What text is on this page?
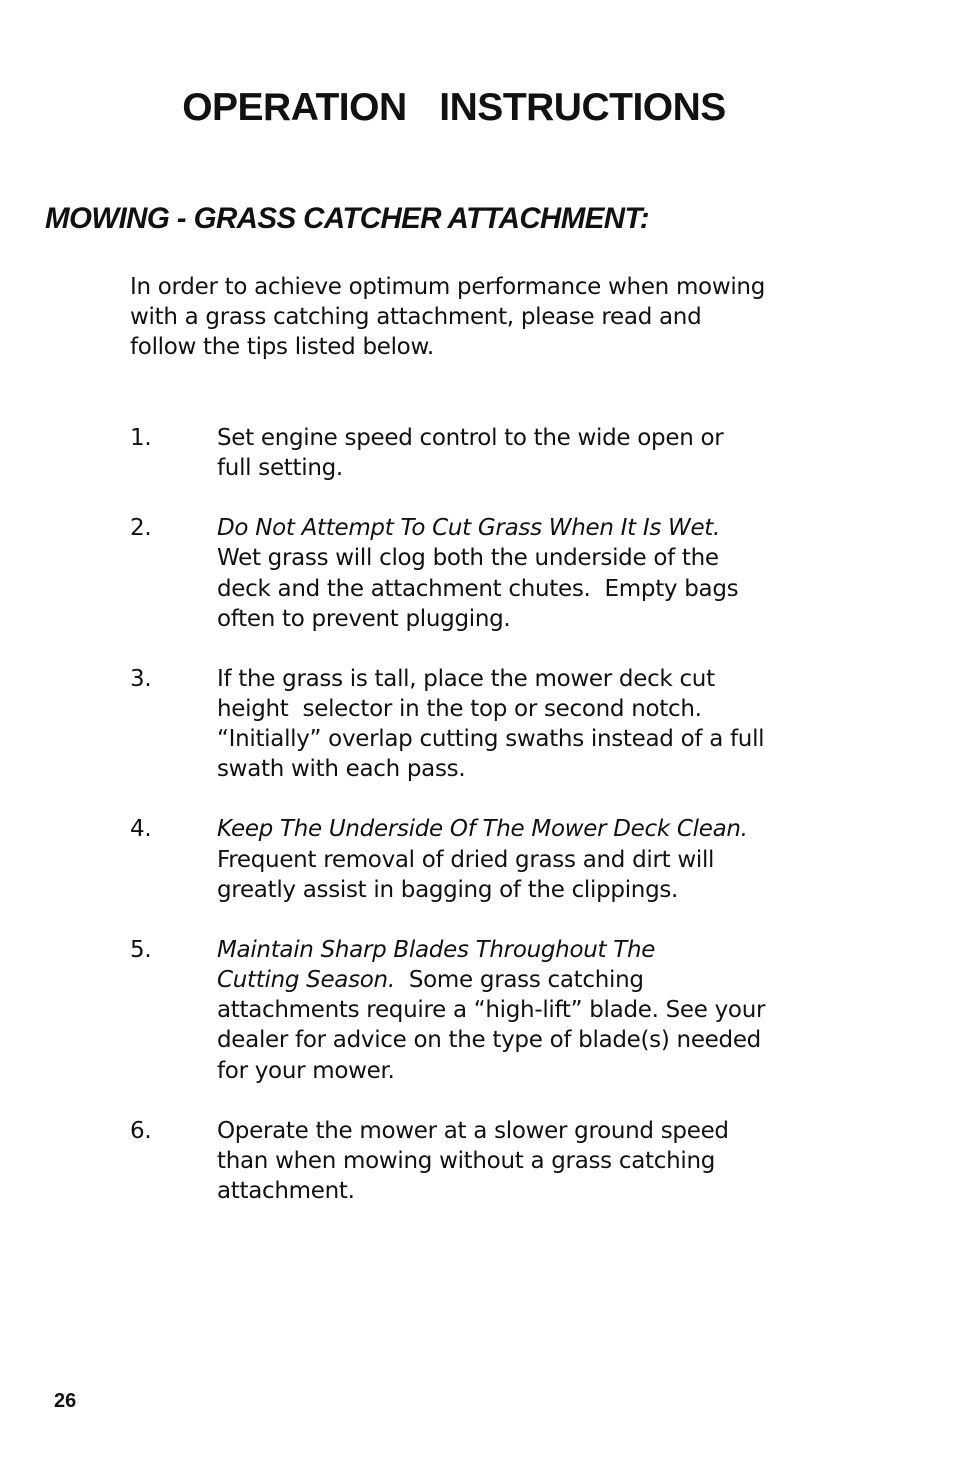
OPERATION  INSTRUCTIONS
MOWING - GRASS CATCHER ATTACHMENT:

In order to achieve optimum performance when mowing
with a grass catching attachment, please read and
follow the tips listed below.

1.	Set engine speed control to the wide open or
full setting.
2.	Do Not Attempt To Cut Grass When It Is Wet.
Wet grass will clog both the underside of the
deck and the attachment chutes.  Empty bags
often to prevent plugging.
3.	If the grass is tall, place the mower deck cut
height  selector in the top or second notch.
“Initially” overlap cutting swaths instead of a full
swath with each pass.
4.	Keep The Underside Of The Mower Deck Clean.
Frequent removal of dried grass and dirt will
greatly assist in bagging of the clippings.
5.	Maintain Sharp Blades Throughout The
Cutting Season.  Some grass catching
attachments require a “high-lift” blade. See your
dealer for advice on the type of blade(s) needed
for your mower.
6.	Operate the mower at a slower ground speed
than when mowing without a grass catching
attachment.
26
